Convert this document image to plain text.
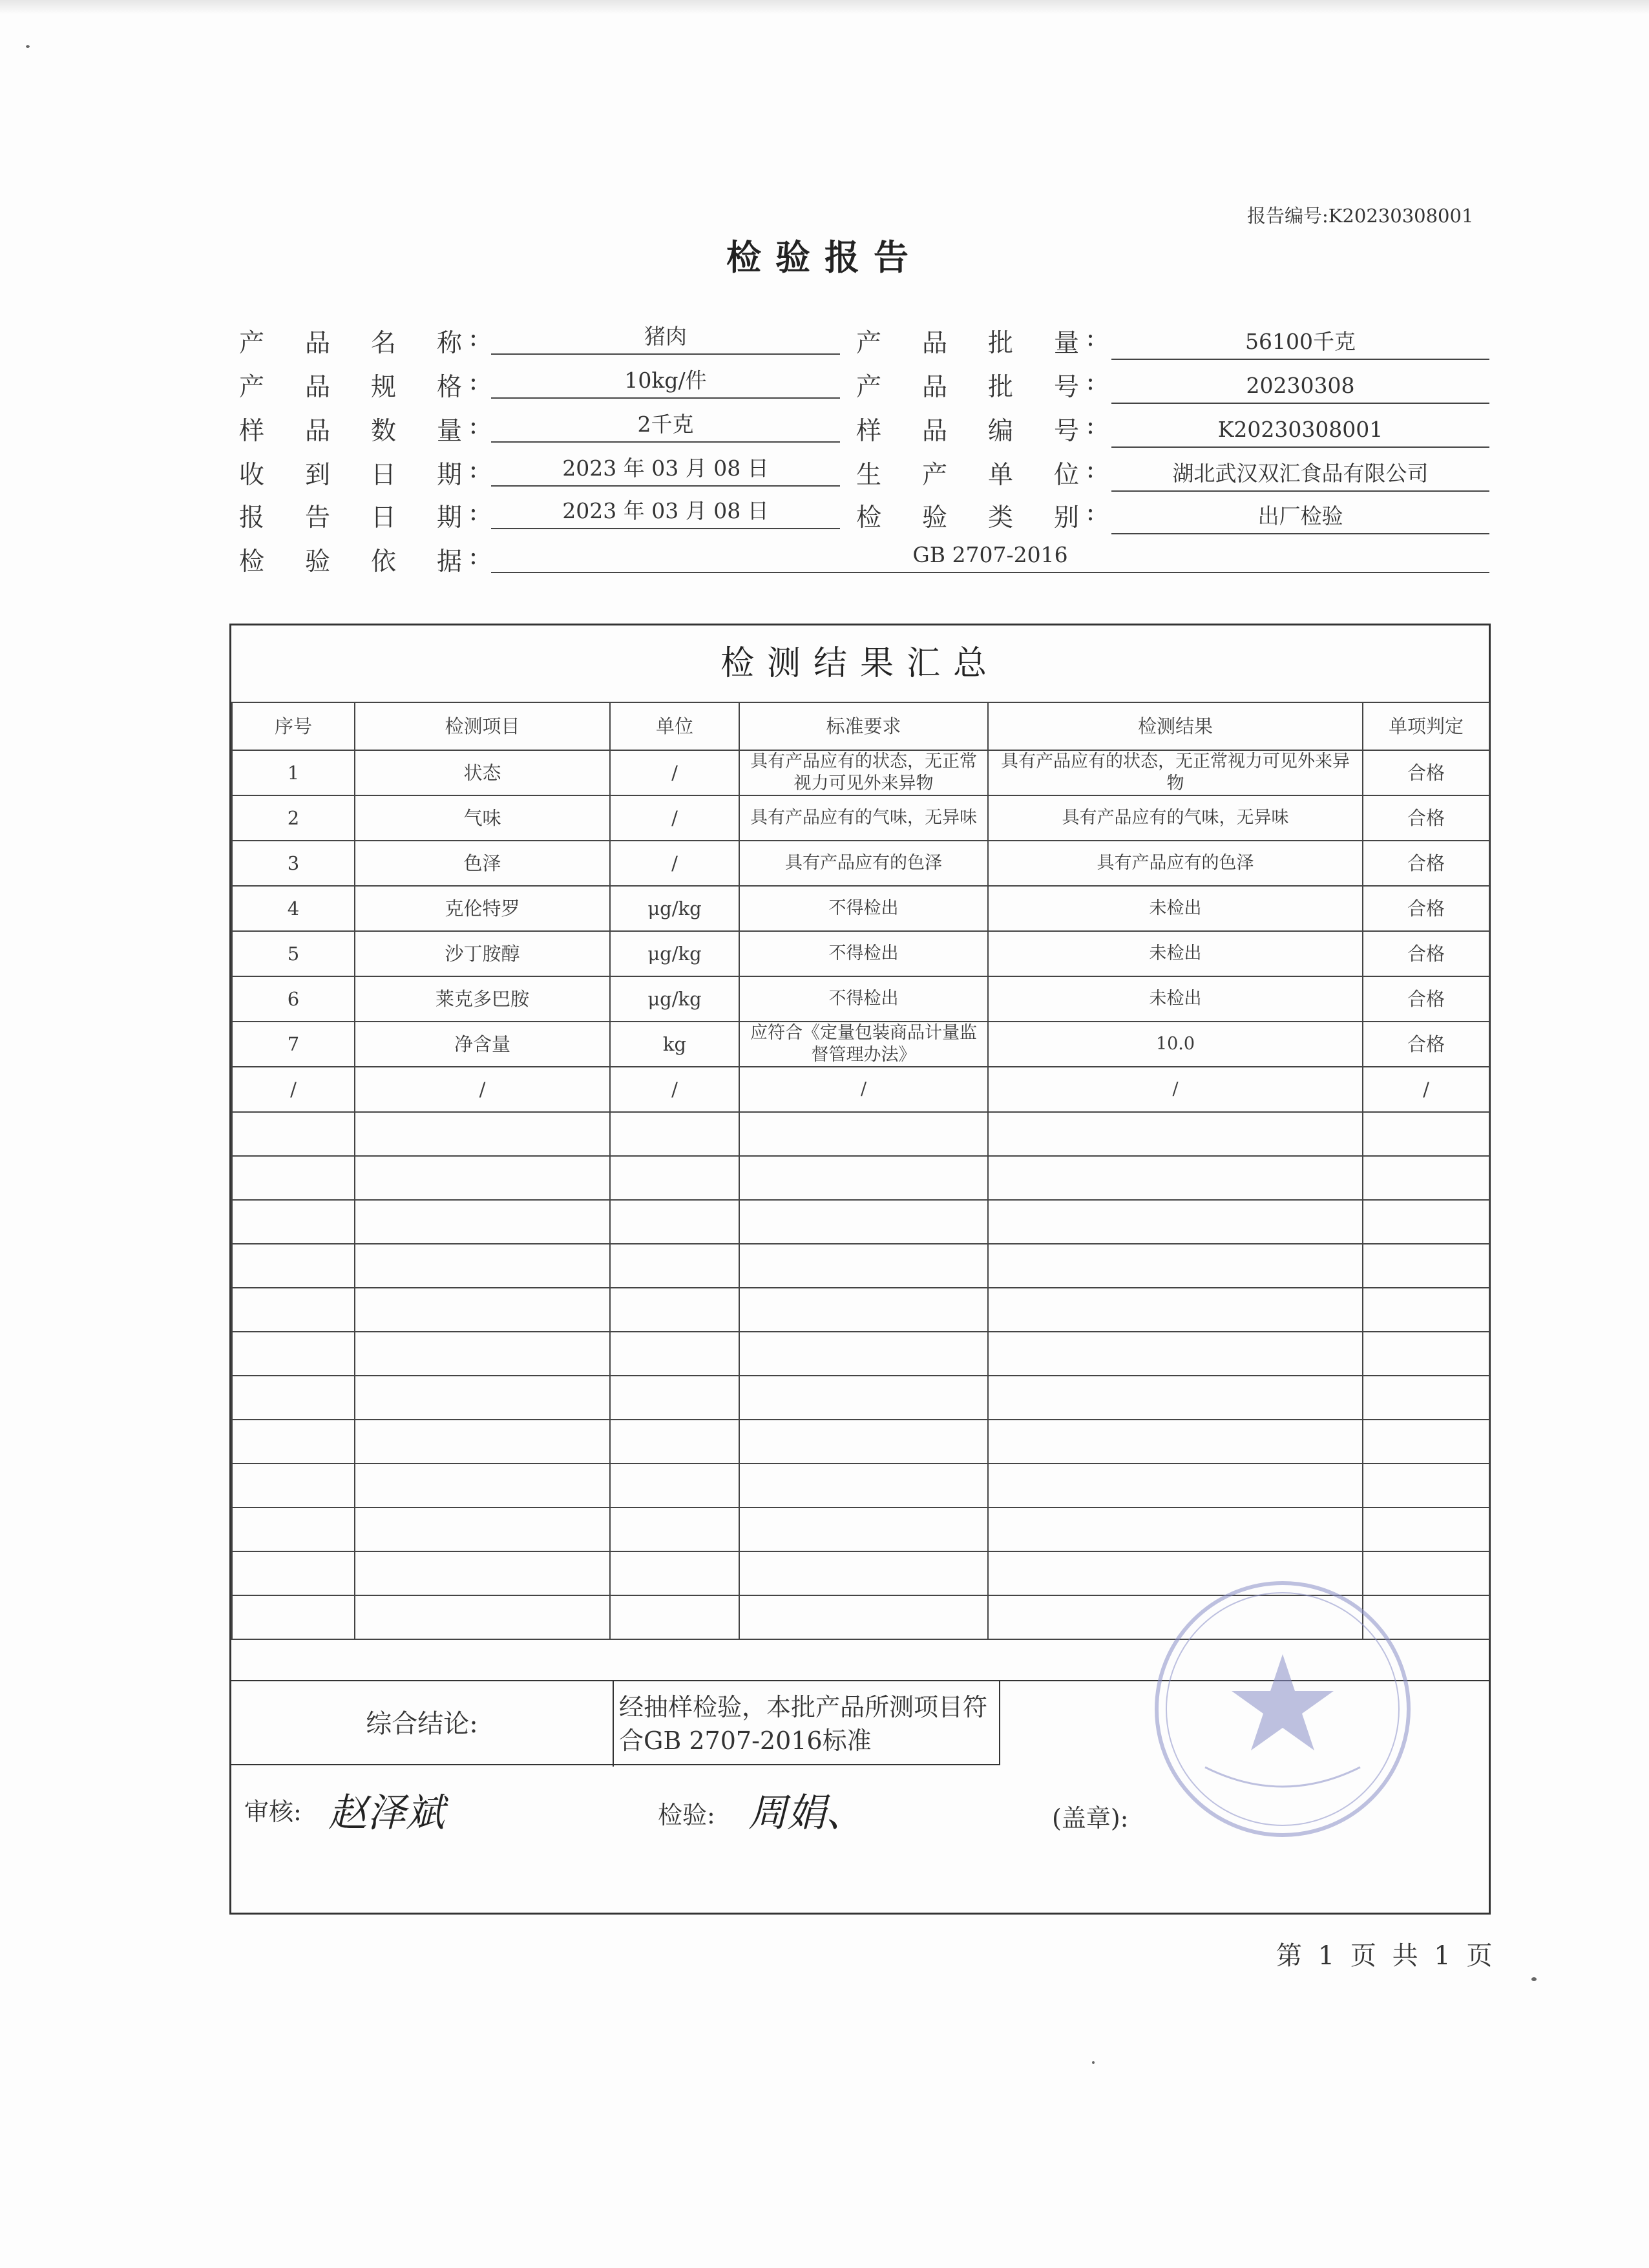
报告编号:K20230308001
检验报告
产 品 名 称 :	猪肉
产 品 规 格 :	10kg/件
样 品 数 量 :	2千克
收 到 日 期 :	2023 年 03 月 08 日
报 告 日 期 :	2023 年 03 月 08 日
检 验 依 据 :	GB 2707-2016
产 品 批 量 :	56100千克
产 品 批 号 :	20230308
样 品 编 号 :	K20230308001
生 产 单 位 :	湖北武汉双汇食品有限公司
检 验 类 别 :	出厂检验
检测结果汇总
序号	检测项目	单位	标准要求	检测结果	单项判定
1	状态	/	具有产品应有的状态，无正常视力可见外来异物	具有产品应有的状态，无正常视力可见外来异物	合格
2	气味	/	具有产品应有的气味，无异味	具有产品应有的气味，无异味	合格
3	色泽	/	具有产品应有的色泽	具有产品应有的色泽	合格
4	克伦特罗	μg/kg	不得检出	未检出	合格
5	沙丁胺醇	μg/kg	不得检出	未检出	合格
6	莱克多巴胺	μg/kg	不得检出	未检出	合格
7	净含量	kg	应符合《定量包装商品计量监督管理办法》	10.0	合格
/	/	/	/	/	/

综合结论:
经抽样检验，本批产品所测项目符合GB 2707-2016标准
审核: 赵泽斌	检验: 周娟、	(盖章):
第 1 页 共 1 页
